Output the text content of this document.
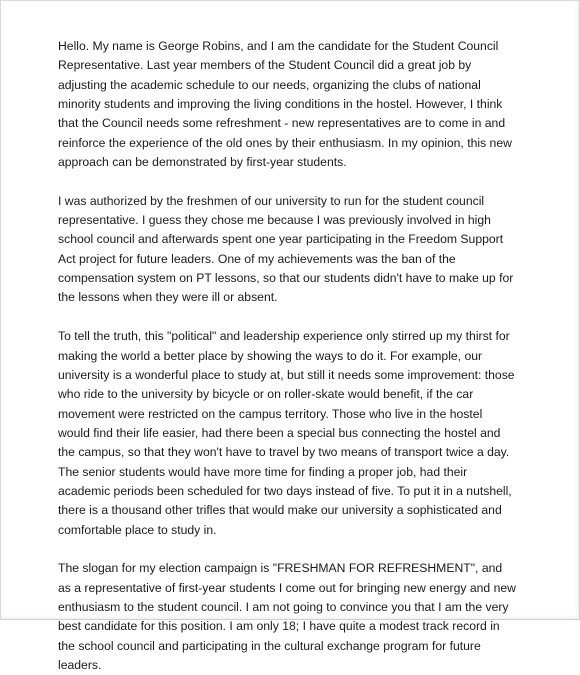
Hello. My name is George Robins, and I am the candidate for the Student Council
Representative. Last year members of the Student Council did a great job by
adjusting the academic schedule to our needs, organizing the clubs of national
minority students and improving the living conditions in the hostel. However, I think
that the Council needs some refreshment - new representatives are to come in and
reinforce the experience of the old ones by their enthusiasm. In my opinion, this new
approach can be demonstrated by first-year students.

I was authorized by the freshmen of our university to run for the student council
representative. I guess they chose me because I was previously involved in high
school council and afterwards spent one year participating in the Freedom Support
Act project for future leaders. One of my achievements was the ban of the
compensation system on PT lessons, so that our students didn't have to make up for
the lessons when they were ill or absent.

To tell the truth, this "political" and leadership experience only stirred up my thirst for
making the world a better place by showing the ways to do it. For example, our
university is a wonderful place to study at, but still it needs some improvement: those
who ride to the university by bicycle or on roller-skate would benefit, if the car
movement were restricted on the campus territory. Those who live in the hostel
would find their life easier, had there been a special bus connecting the hostel and
the campus, so that they won't have to travel by two means of transport twice a day.
The senior students would have more time for finding a proper job, had their
academic periods been scheduled for two days instead of five. To put it in a nutshell,
there is a thousand other trifles that would make our university a sophisticated and
comfortable place to study in.

The slogan for my election campaign is "FRESHMAN FOR REFRESHMENT", and
as a representative of first-year students I come out for bringing new energy and new
enthusiasm to the student council. I am not going to convince you that I am the very
best candidate for this position. I am only 18; I have quite a modest track record in
the school council and participating in the cultural exchange program for future
leaders.
